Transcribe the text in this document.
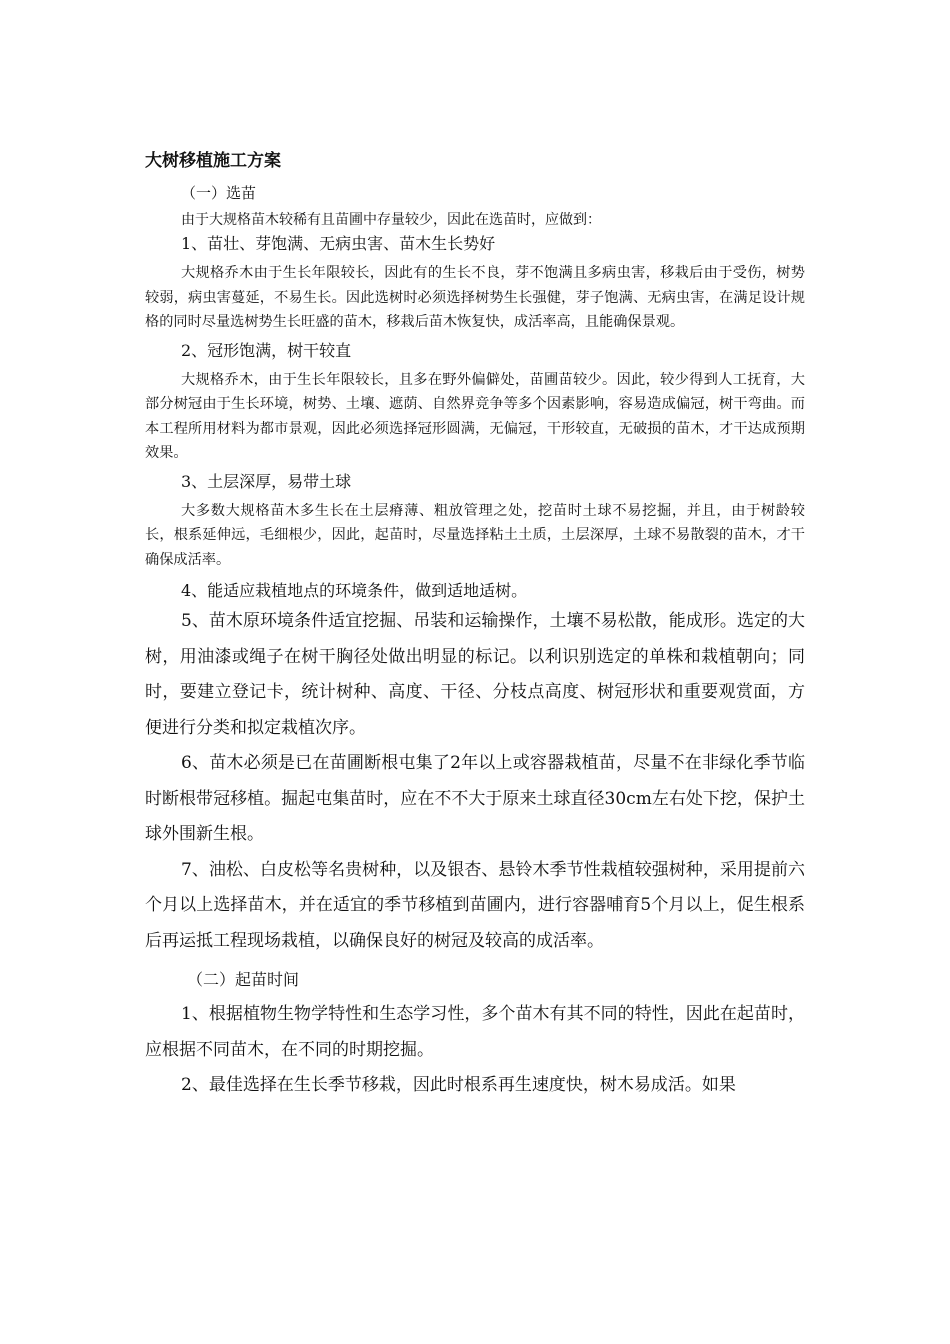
大树移植施工方案

（一）选苗

由于大规格苗木较稀有且苗圃中存量较少，因此在选苗时，应做到：

1、苗壮、芽饱满、无病虫害、苗木生长势好

大规格乔木由于生长年限较长，因此有的生长不良，芽不饱满且多病虫害，移栽后由于受伤，树势较弱，病虫害蔓延，不易生长。因此选树时必须选择树势生长强健，芽子饱满、无病虫害，在满足设计规格的同时尽量选树势生长旺盛的苗木，移栽后苗木恢复快，成活率高，且能确保景观。

2、冠形饱满，树干较直

大规格乔木，由于生长年限较长，且多在野外偏僻处，苗圃苗较少。因此，较少得到人工抚育，大部分树冠由于生长环境，树势、土壤、遮荫、自然界竞争等多个因素影响，容易造成偏冠，树干弯曲。而本工程所用材料为都市景观，因此必须选择冠形圆满，无偏冠，干形较直，无破损的苗木，才干达成预期效果。

3、土层深厚，易带土球

大多数大规格苗木多生长在土层瘠薄、粗放管理之处，挖苗时土球不易挖掘，并且，由于树龄较长，根系延伸远，毛细根少，因此，起苗时，尽量选择粘土土质，土层深厚，土球不易散裂的苗木，才干确保成活率。

4、能适应栽植地点的环境条件，做到适地适树。

5、苗木原环境条件适宜挖掘、吊装和运输操作，土壤不易松散，能成形。选定的大树，用油漆或绳子在树干胸径处做出明显的标记。以利识别选定的单株和栽植朝向；同时，要建立登记卡，统计树种、高度、干径、分枝点高度、树冠形状和重要观赏面，方便进行分类和拟定栽植次序。

6、苗木必须是已在苗圃断根屯集了2年以上或容器栽植苗，尽量不在非绿化季节临时断根带冠移植。掘起屯集苗时，应在不不大于原来土球直径30cm左右处下挖，保护土球外围新生根。

7、油松、白皮松等名贵树种，以及银杏、悬铃木季节性栽植较强树种，采用提前六个月以上选择苗木，并在适宜的季节移植到苗圃内，进行容器哺育5个月以上，促生根系后再运抵工程现场栽植，以确保良好的树冠及较高的成活率。

（二）起苗时间

1、根据植物生物学特性和生态学习性，多个苗木有其不同的特性，因此在起苗时，应根据不同苗木，在不同的时期挖掘。

2、最佳选择在生长季节移栽，因此时根系再生速度快，树木易成活。如果
